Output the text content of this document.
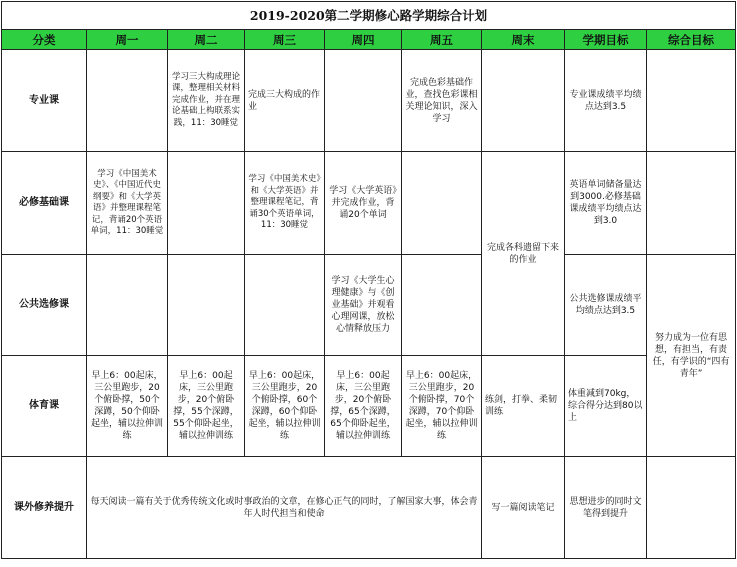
2019-2020第二学期修心路学期综合计划								
分类	周一	周二	周三	周四	周五	周末	学期目标	综合目标
专业课		学习三大构成理论课，整理相关材料完成作业，并在理论基础上构联系实践，11：30睡觉	完成三大构成的作业		完成色彩基础作业，查找色彩课相关理论知识，深入学习		专业课成绩平均绩点达到3.5	
必修基础课	学习《中国美术史》、《中国近代史纲要》和《大学英语》并整理课程笔记，背诵20个英语单词，11：30睡觉		学习《中国美术史》和《大学英语》并整理课程笔记，背诵30个英语单词，11：30睡觉	学习《大学英语》并完成作业，背诵20个单词		完成各科遗留下来的作业	英语单词储备量达到3000.必修基础课成绩平均绩点达到3.0	
公共选修课				学习《大学生心理健康》与《创业基础》并观看心理网课，放松心情释放压力			公共选修课成绩平均绩点达到3.5	努力成为一位有思想，有担当，有责任，有学识的“四有青年”
体育课	早上6：00起床，三公里跑步，20个俯卧撑，50个深蹲，50个仰卧起坐，辅以拉伸训练	早上6：00起床，三公里跑步，20个俯卧撑，55个深蹲，55个仰卧起坐，辅以拉伸训练	早上6：00起床，三公里跑步，20个俯卧撑，60个深蹲，60个仰卧起坐，辅以拉伸训练	早上6：00起床，三公里跑步，20个俯卧撑，65个深蹲，65个仰卧起坐，辅以拉伸训练	早上6：00起床，三公里跑步，20个俯卧撑，70个深蹲，70个仰卧起坐，辅以拉伸训练	练剑，打拳、柔韧训练	体重减到70kg，综合得分达到80以上	
课外修养提升	每天阅读一篇有关于优秀传统文化或时事政治的文章，在修心正气的同时，了解国家大事，体会青年人时代担当和使命					写一篇阅读笔记	思想进步的同时文笔得到提升	
